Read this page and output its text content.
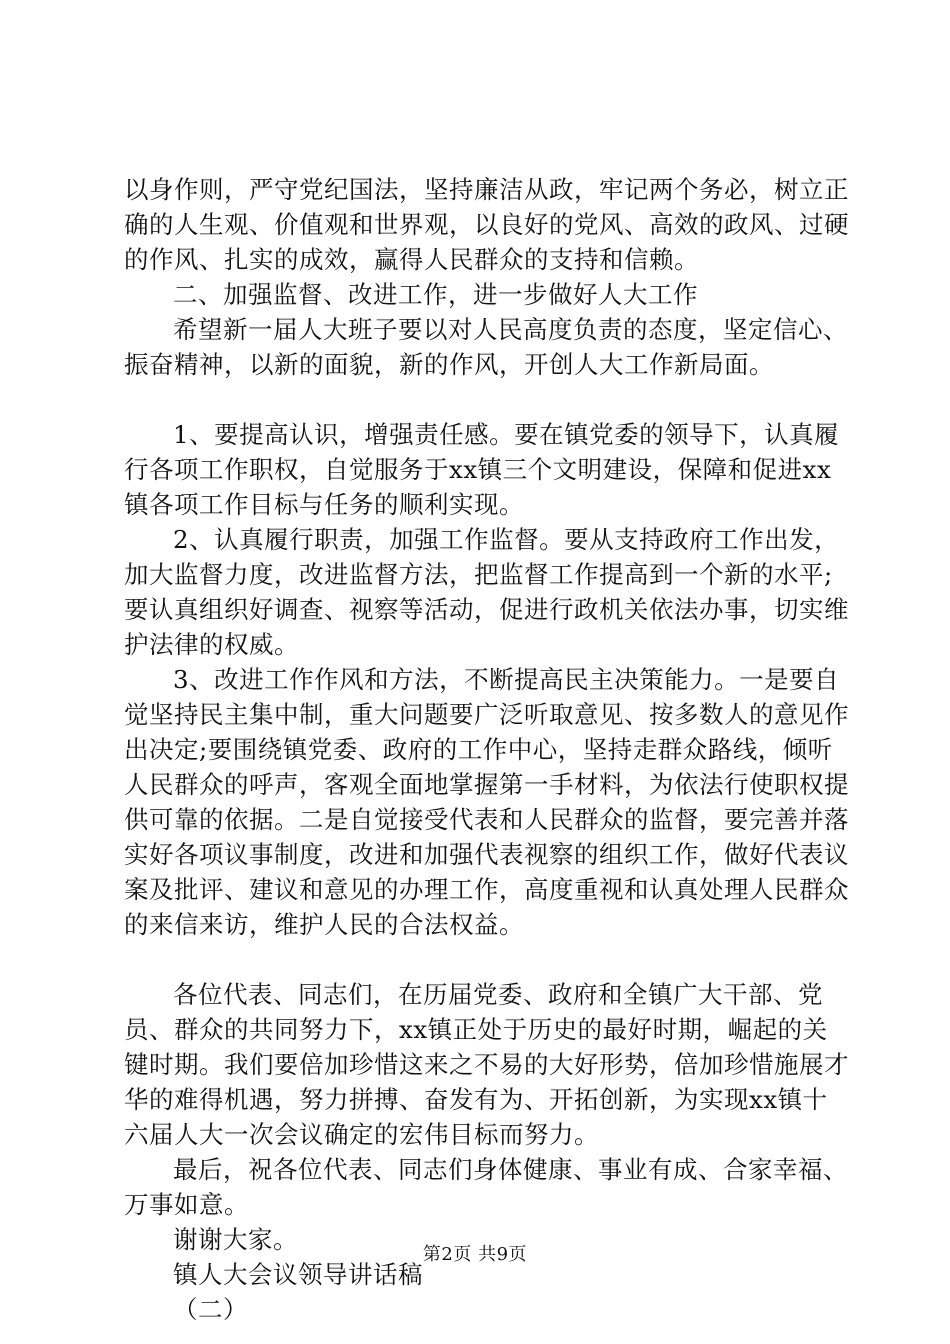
以身作则，严守党纪国法，坚持廉洁从政，牢记两个务必，树立正确的人生观、价值观和世界观，以良好的党风、高效的政风、过硬的作风、扎实的成效，赢得人民群众的支持和信赖。

二、加强监督、改进工作，进一步做好人大工作

希望新一届人大班子要以对人民高度负责的态度，坚定信心、振奋精神，以新的面貌，新的作风，开创人大工作新局面。

1、要提高认识，增强责任感。要在镇党委的领导下，认真履行各项工作职权，自觉服务于xx镇三个文明建设，保障和促进xx镇各项工作目标与任务的顺利实现。

2、认真履行职责，加强工作监督。要从支持政府工作出发，加大监督力度，改进监督方法，把监督工作提高到一个新的水平;要认真组织好调查、视察等活动，促进行政机关依法办事，切实维护法律的权威。

3、改进工作作风和方法，不断提高民主决策能力。一是要自觉坚持民主集中制，重大问题要广泛听取意见、按多数人的意见作出决定;要围绕镇党委、政府的工作中心，坚持走群众路线，倾听人民群众的呼声，客观全面地掌握第一手材料，为依法行使职权提供可靠的依据。二是自觉接受代表和人民群众的监督，要完善并落实好各项议事制度，改进和加强代表视察的组织工作，做好代表议案及批评、建议和意见的办理工作，高度重视和认真处理人民群众的来信来访，维护人民的合法权益。

各位代表、同志们，在历届党委、政府和全镇广大干部、党员、群众的共同努力下，xx镇正处于历史的最好时期，崛起的关键时期。我们要倍加珍惜这来之不易的大好形势，倍加珍惜施展才华的难得机遇，努力拼搏、奋发有为、开拓创新，为实现xx镇十六届人大一次会议确定的宏伟目标而努力。

最后，祝各位代表、同志们身体健康、事业有成、合家幸福、万事如意。

谢谢大家。

镇人大会议领导讲话稿

（二）

第2页 共9页
